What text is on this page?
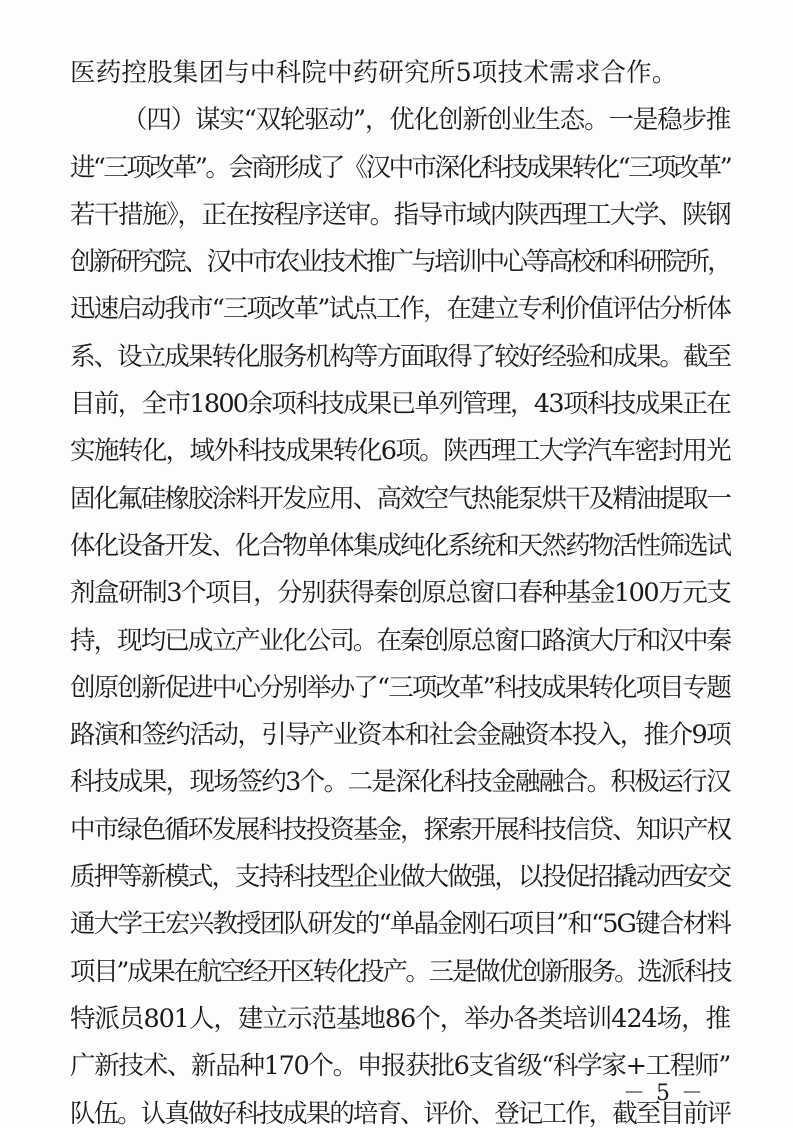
医药控股集团与中科院中药研究所5项技术需求合作。
（四）谋实“双轮驱动”，优化创新创业生态。一是稳步推
进“三项改革”。会商形成了《汉中市深化科技成果转化“三项改革”
若干措施》，正在按程序送审。指导市域内陕西理工大学、陕钢
创新研究院、汉中市农业技术推广与培训中心等高校和科研院所，
迅速启动我市“三项改革”试点工作，在建立专利价值评估分析体
系、设立成果转化服务机构等方面取得了较好经验和成果。截至
目前，全市1800余项科技成果已单列管理，43项科技成果正在
实施转化，域外科技成果转化6项。陕西理工大学汽车密封用光
固化氟硅橡胶涂料开发应用、高效空气热能泵烘干及精油提取一
体化设备开发、化合物单体集成纯化系统和天然药物活性筛选试
剂盒研制3个项目，分别获得秦创原总窗口春种基金100万元支
持，现均已成立产业化公司。在秦创原总窗口路演大厅和汉中秦
创原创新促进中心分别举办了“三项改革”科技成果转化项目专题
路演和签约活动，引导产业资本和社会金融资本投入，推介9项
科技成果，现场签约3个。二是深化科技金融融合。积极运行汉
中市绿色循环发展科技投资基金，探索开展科技信贷、知识产权
质押等新模式，支持科技型企业做大做强，以投促招撬动西安交
通大学王宏兴教授团队研发的“单晶金刚石项目”和“5G键合材料
项目”成果在航空经开区转化投产。三是做优创新服务。选派科技
特派员801人，建立示范基地86个，举办各类培训424场，推
广新技术、新品种170个。申报获批6支省级“科学家+工程师”
队伍。认真做好科技成果的培育、评价、登记工作，截至目前评
－ 5 －
